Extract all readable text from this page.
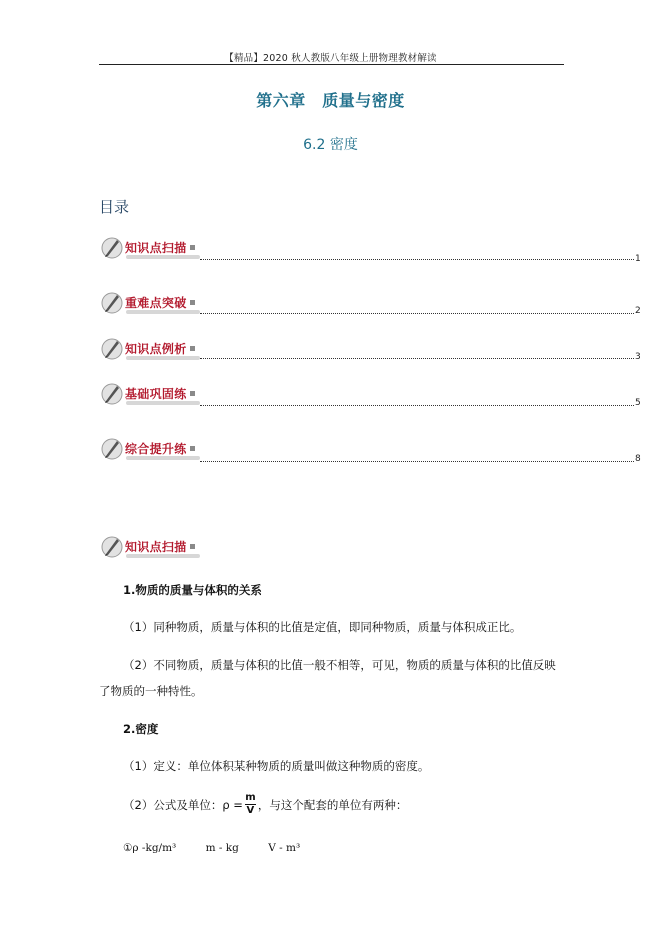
【精品】2020 秋人教版八年级上册物理教材解读
第六章　质量与密度
6.2 密度
目录
知识点扫描
1
重难点突破
2
知识点例析
3
基础巩固练
5
综合提升练
8
知识点扫描
1.物质的质量与体积的关系
（1）同种物质，质量与体积的比值是定值，即同种物质，质量与体积成正比。
（2）不同物质，质量与体积的比值一般不相等，可见，物质的质量与体积的比值反映
了物质的一种特性。
2.密度
（1）定义：单位体积某种物质的质量叫做这种物质的密度。
（2）公式及单位：$\rho = \frac{m}{V}$ ，与这个配套的单位有两种：
①ρ -kg/m³	m - kg	V - m³
